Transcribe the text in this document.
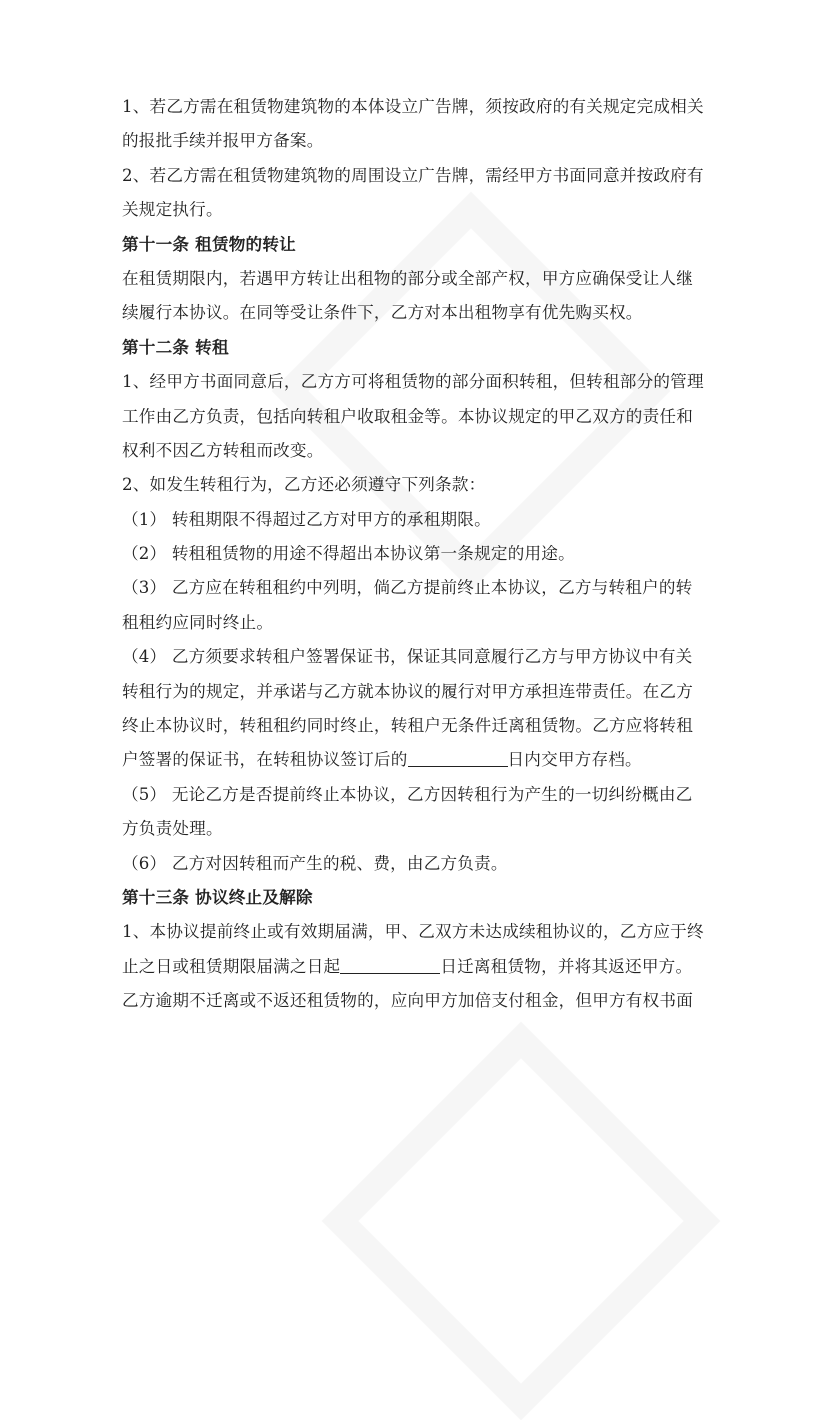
1、若乙方需在租赁物建筑物的本体设立广告牌，须按政府的有关规定完成相关
的报批手续并报甲方备案。
2、若乙方需在租赁物建筑物的周围设立广告牌，需经甲方书面同意并按政府有
关规定执行。
第十一条 租赁物的转让
在租赁期限内，若遇甲方转让出租物的部分或全部产权，甲方应确保受让人继
续履行本协议。在同等受让条件下，乙方对本出租物享有优先购买权。
第十二条 转租
1、经甲方书面同意后，乙方方可将租赁物的部分面积转租，但转租部分的管理
工作由乙方负责，包括向转租户收取租金等。本协议规定的甲乙双方的责任和
权利不因乙方转租而改变。
2、如发生转租行为，乙方还必须遵守下列条款：
（1） 转租期限不得超过乙方对甲方的承租期限。
（2） 转租租赁物的用途不得超出本协议第一条规定的用途。
（3） 乙方应在转租租约中列明，倘乙方提前终止本协议，乙方与转租户的转
租租约应同时终止。
（4） 乙方须要求转租户签署保证书，保证其同意履行乙方与甲方协议中有关
转租行为的规定，并承诺与乙方就本协议的履行对甲方承担连带责任。在乙方
终止本协议时，转租租约同时终止，转租户无条件迁离租赁物。乙方应将转租
户签署的保证书，在转租协议签订后的	日内交甲方存档。
（5） 无论乙方是否提前终止本协议，乙方因转租行为产生的一切纠纷概由乙
方负责处理。
（6） 乙方对因转租而产生的税、费，由乙方负责。
第十三条 协议终止及解除
1、本协议提前终止或有效期届满，甲、乙双方未达成续租协议的，乙方应于终
止之日或租赁期限届满之日起	日迁离租赁物，并将其返还甲方。
乙方逾期不迁离或不返还租赁物的，应向甲方加倍支付租金，但甲方有权书面
